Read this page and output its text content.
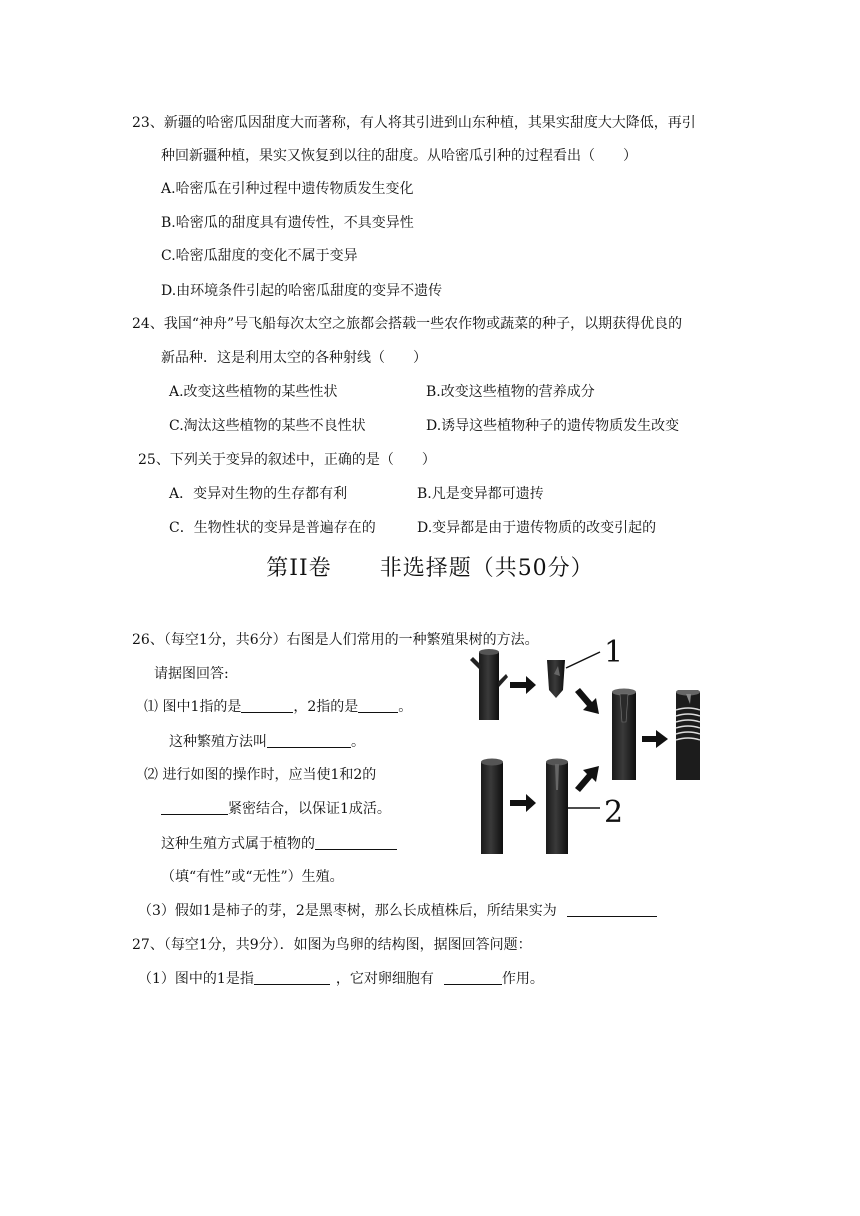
23、新疆的哈密瓜因甜度大而著称，有人将其引进到山东种植，其果实甜度大大降低，再引
种回新疆种植，果实又恢复到以往的甜度。从哈密瓜引种的过程看出（　　）
A.哈密瓜在引种过程中遗传物质发生变化
B.哈密瓜的甜度具有遗传性，不具变异性
C.哈密瓜甜度的变化不属于变异
D.由环境条件引起的哈密瓜甜度的变异不遗传
24、我国“神舟”号飞船每次太空之旅都会搭载一些农作物或蔬菜的种子，以期获得优良的
新品种．这是利用太空的各种射线（　　）
A.改变这些植物的某些性状	B.改变这些植物的营养成分
C.淘汰这些植物的某些不良性状	D.诱导这些植物种子的遗传物质发生改变
25、下列关于变异的叙述中，正确的是（　　）
A．变异对生物的生存都有利	B.凡是变异都可遗抟
C．生物性状的变异是普遍存在的	D.变异都是由于遗传物质的改变引起的
第II卷 非选择题（共50分）
26、（每空1分，共6分）右图是人们常用的一种繁殖果树的方法。
请据图回答:
⑴ 图中1指的是	，2指的是	。
这种繁殖方法叫	。
⑵ 进行如图的操作时，应当使1和2的
紧密结合，以保证1成活。
这种生殖方式属于植物的
（填“有性”或“无性”）生殖。
（3）假如1是柿子的芽，2是黑枣树，那么长成植株后，所结果实为
1
2
27、（每空1分，共9分）．如图为鸟卵的结构图，据图回答问题：
（1）图中的1是指	，它对卵细胞有	作用。
